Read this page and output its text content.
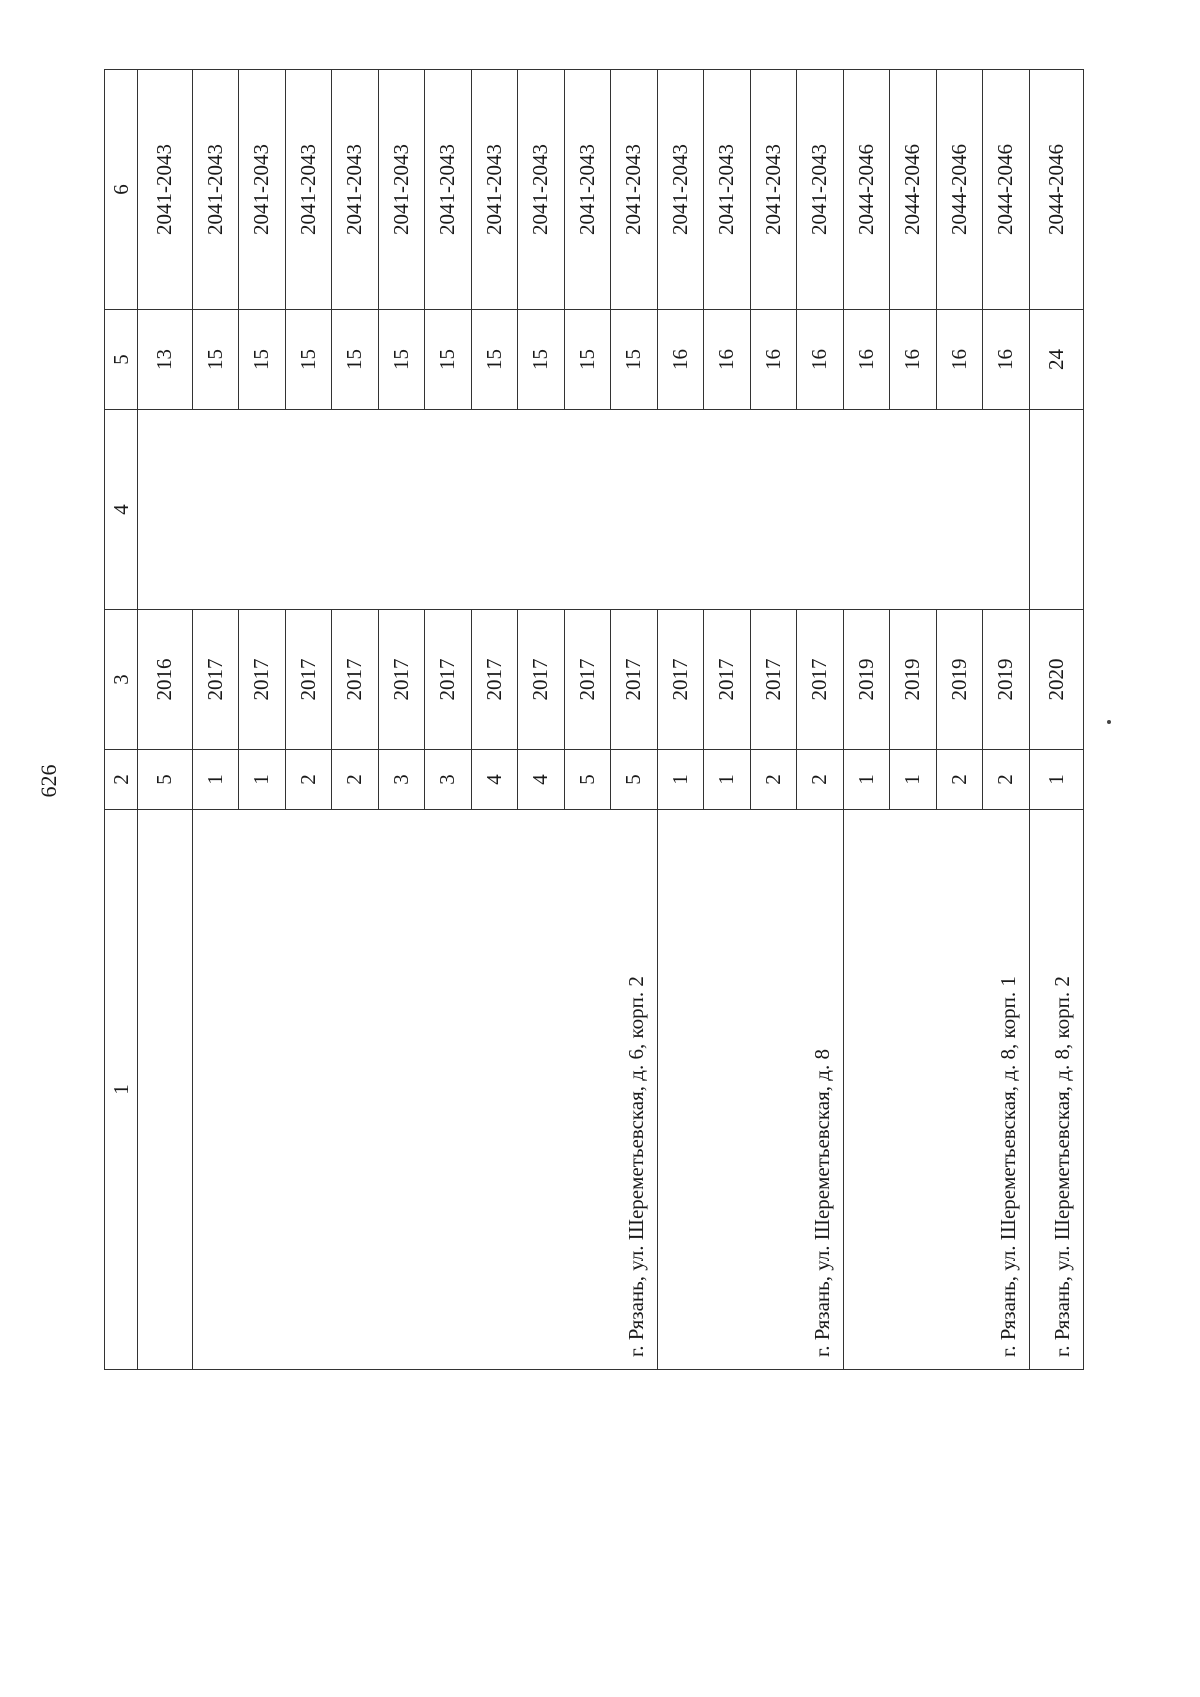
626
1	2	3	4	5	6
	5	2016		13	2041-2043
г. Рязань, ул. Шереметьевская, д. 6, корп. 2	1	2017		15	2041-2043
	1	2017		15	2041-2043
	2	2017		15	2041-2043
	2	2017		15	2041-2043
	3	2017		15	2041-2043
	3	2017		15	2041-2043
	4	2017		15	2041-2043
	4	2017		15	2041-2043
	5	2017		15	2041-2043
	5	2017		15	2041-2043
г. Рязань, ул. Шереметьевская, д. 8	1	2017		16	2041-2043
	1	2017		16	2041-2043
	2	2017		16	2041-2043
	2	2017		16	2041-2043
г. Рязань, ул. Шереметьевская, д. 8, корп. 1	1	2019		16	2044-2046
	1	2019		16	2044-2046
	2	2019		16	2044-2046
	2	2019		16	2044-2046
г. Рязань, ул. Шереметьевская, д. 8, корп. 2	1	2020		24	2044-2046
